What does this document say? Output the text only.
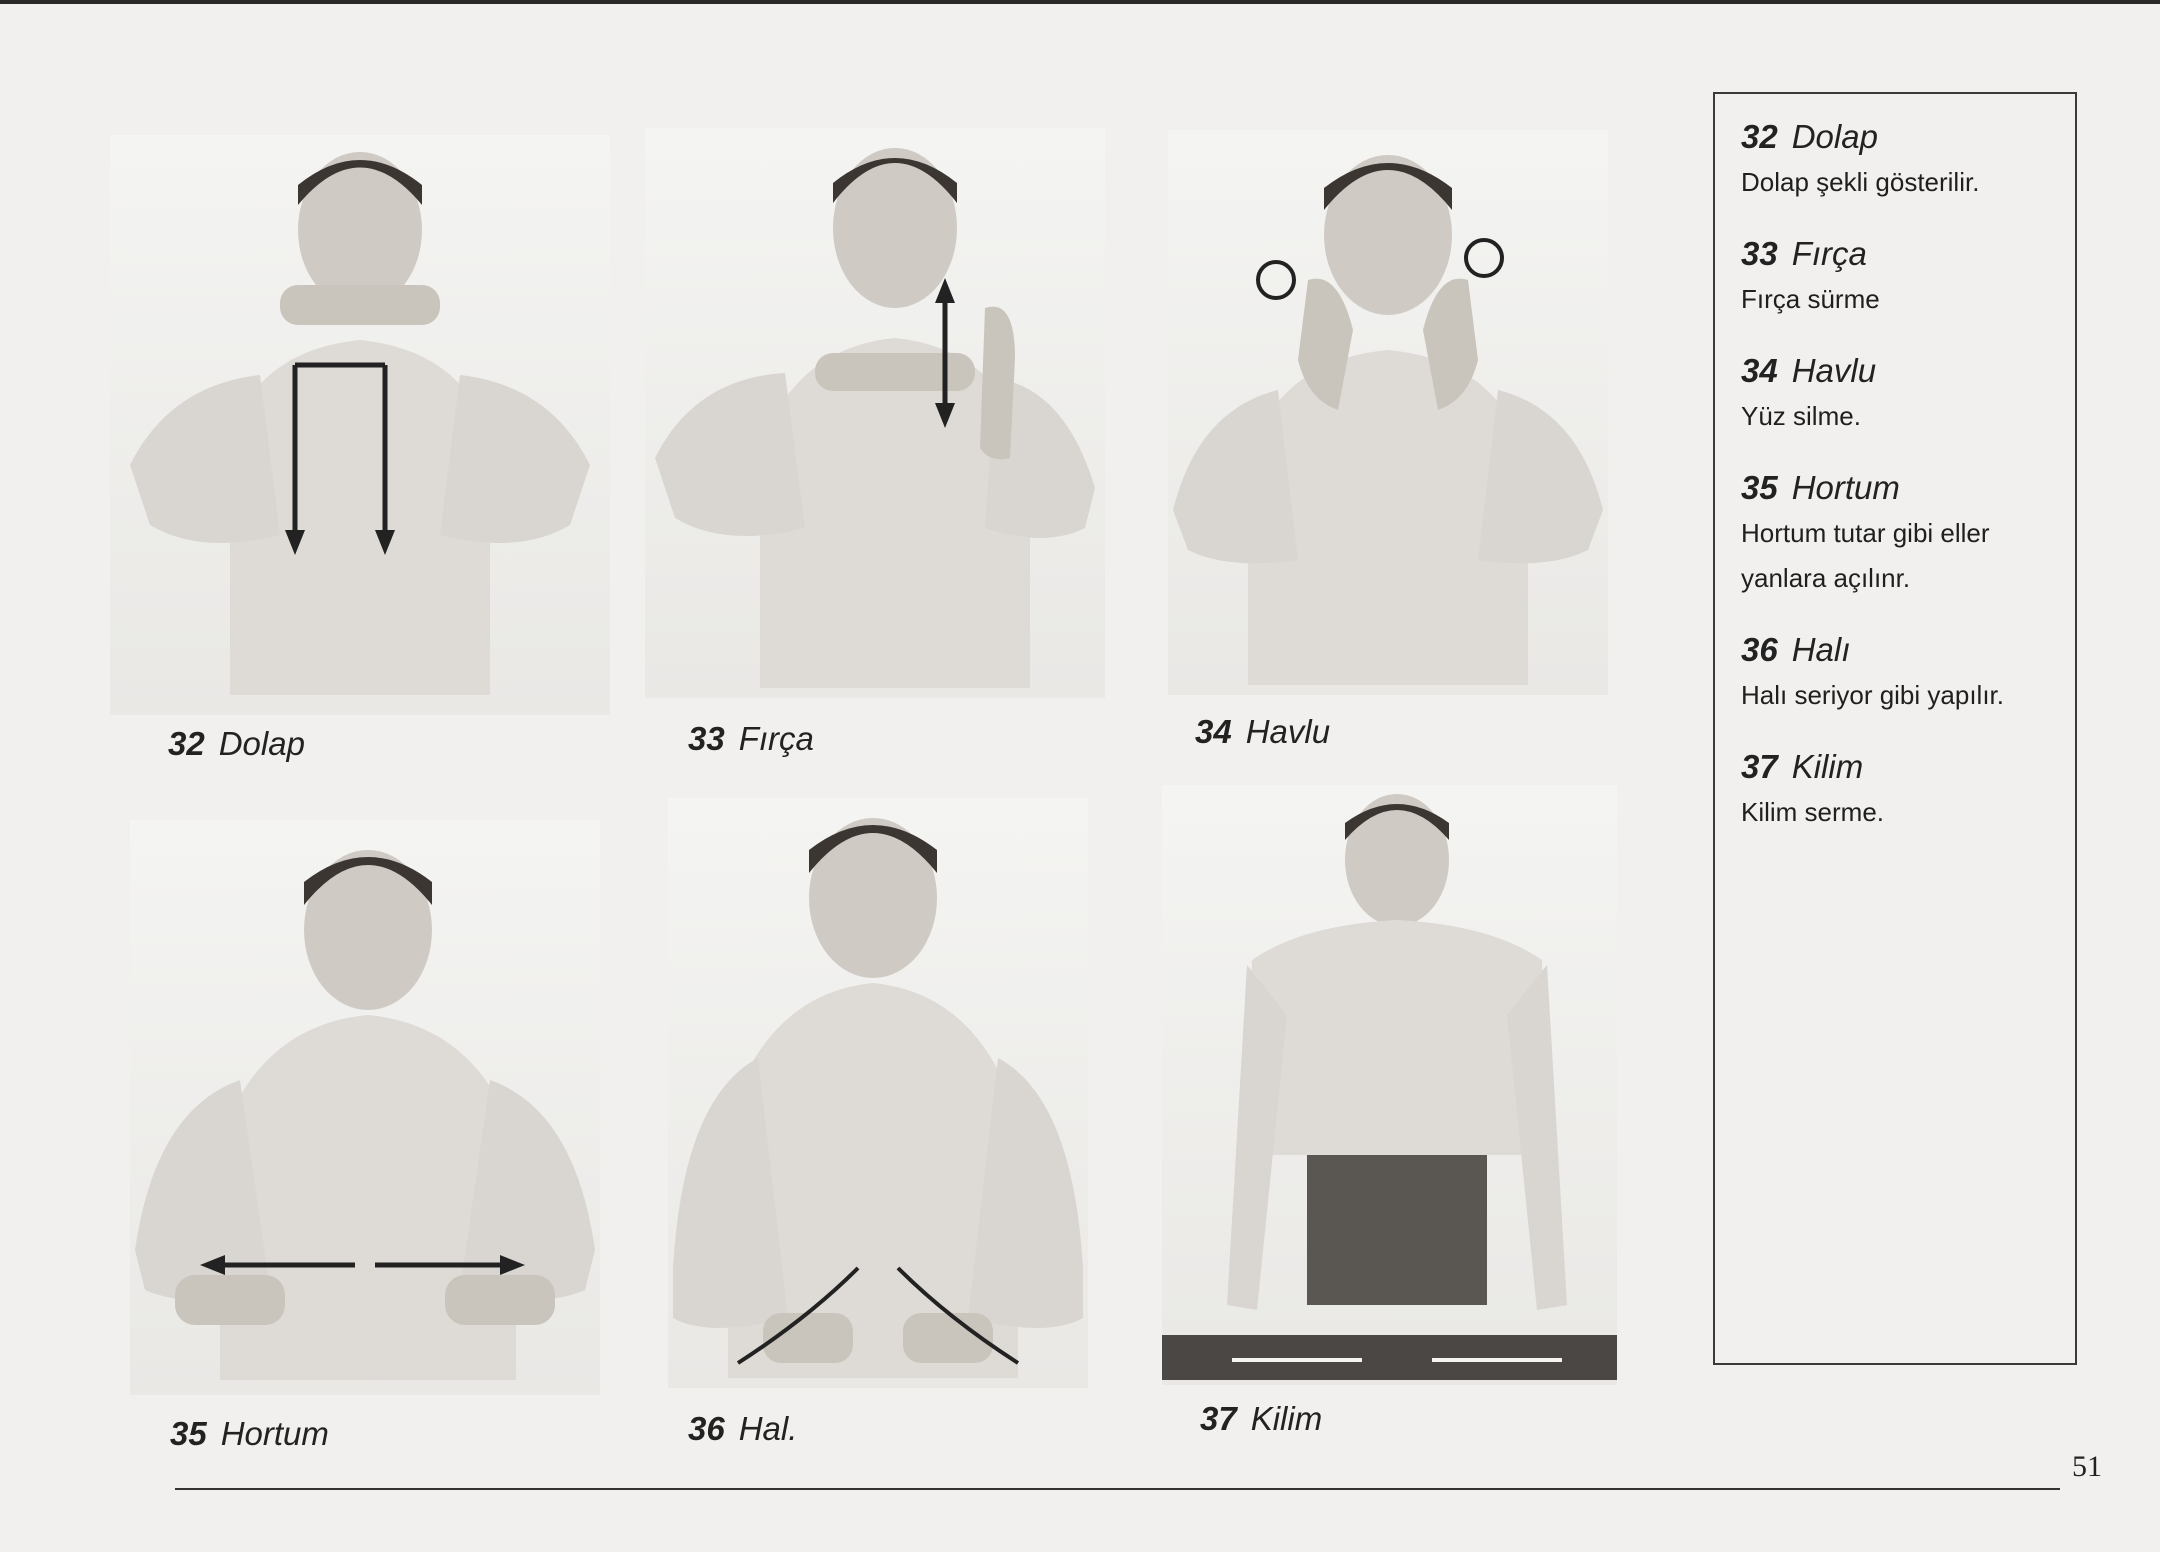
32 Dolap	33 Fırça	34 Havlu
35 Hortum	36 Hal.	37 Kilim
32 Dolap
Dolap şekli gösterilir.
33 Fırça
Fırça sürme
34 Havlu
Yüz silme.
35 Hortum
Hortum tutar gibi eller yanlara açılınr.
36 Halı
Halı seriyor gibi yapılır.
37 Kilim
Kilim serme.
51
